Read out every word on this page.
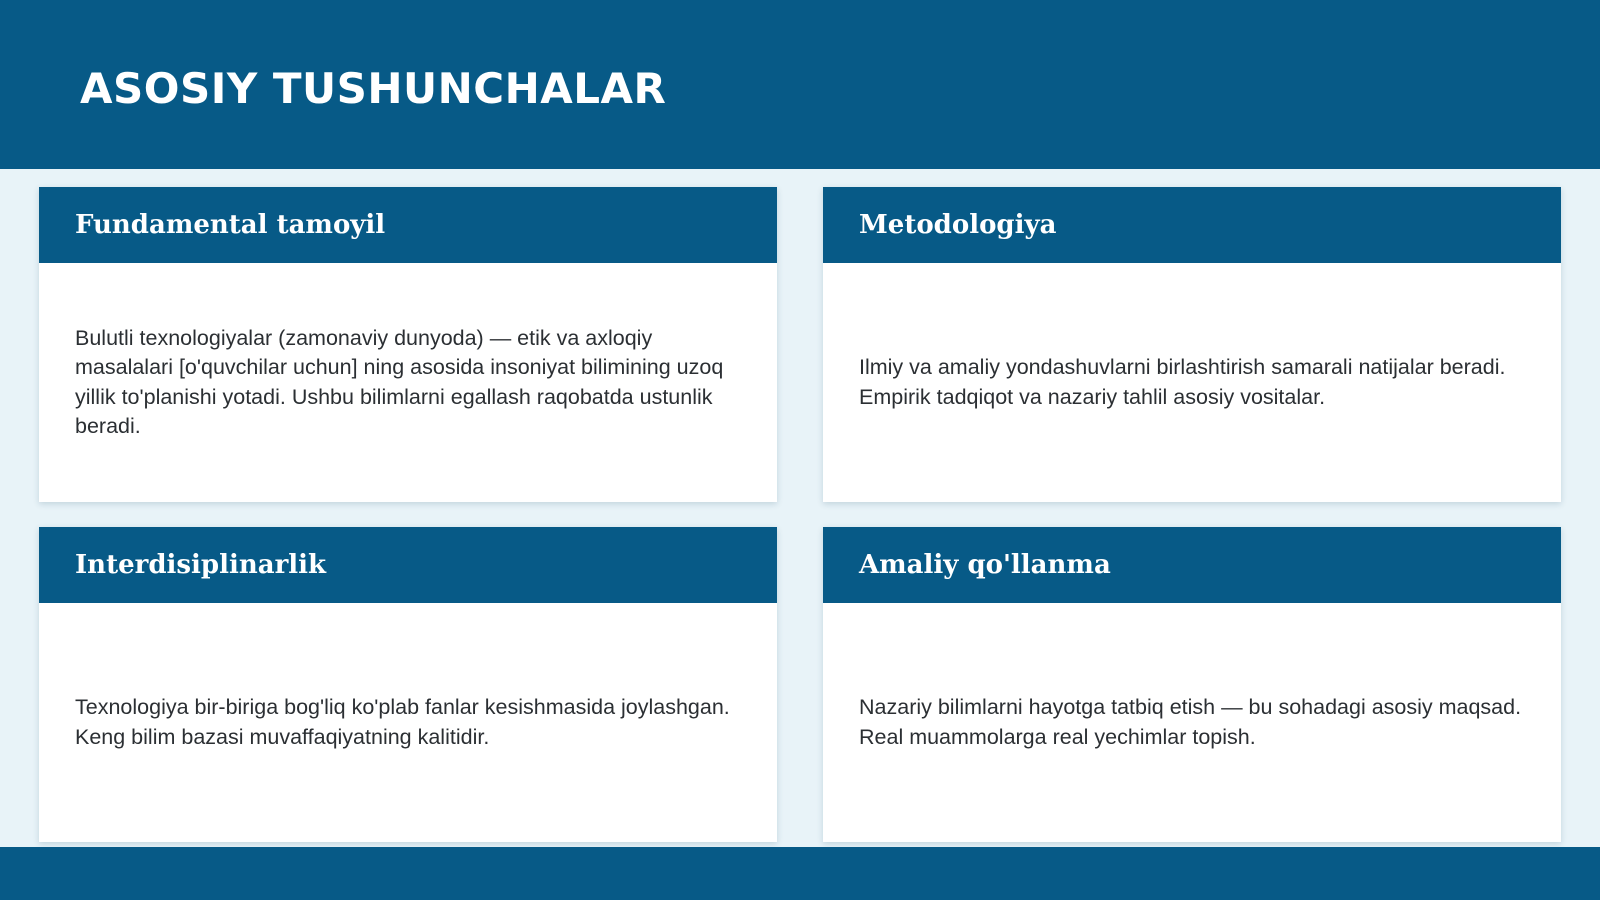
ASOSIY TUSHUNCHALAR
Fundamental tamoyil

Bulutli texnologiyalar (zamonaviy dunyoda) — etik va axloqiy masalalari [o'quvchilar uchun] ning asosida insoniyat bilimining uzoq yillik to'planishi yotadi. Ushbu bilimlarni egallash raqobatda ustunlik beradi.

Metodologiya

Ilmiy va amaliy yondashuvlarni birlashtirish samarali natijalar beradi. Empirik tadqiqot va nazariy tahlil asosiy vositalar.

Interdisiplinarlik

Texnologiya bir-biriga bog'liq ko'plab fanlar kesishmasida joylashgan. Keng bilim bazasi muvaffaqiyatning kalitidir.

Amaliy qo'llanma

Nazariy bilimlarni hayotga tatbiq etish — bu sohadagi asosiy maqsad. Real muammolarga real yechimlar topish.
